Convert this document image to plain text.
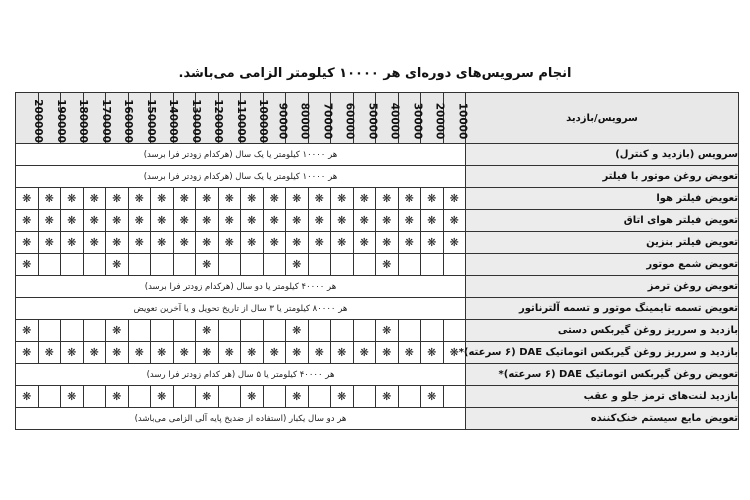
انجام سرویس‌های دوره‌ای هر ۱۰۰۰۰ کیلومتر الزامی می‌باشد.
200000	190000	180000	170000	160000	150000	140000	130000	120000	110000	100000	90000	80000	70000	60000	50000	40000	30000	20000	10000	سرویس/بازدید
هر ۱۰۰۰۰ کیلومتر یا یک سال (هرکدام زودتر فرا برسد)																				سرویس (بازدید و کنترل)
هر ۱۰۰۰۰ کیلومتر یا یک سال (هرکدام زودتر فرا برسد)																				تعویض روغن موتور با فیلتر
❋	❋	❋	❋	❋	❋	❋	❋	❋	❋	❋	❋	❋	❋	❋	❋	❋	❋	❋	❋	تعویض فیلتر هوا
❋	❋	❋	❋	❋	❋	❋	❋	❋	❋	❋	❋	❋	❋	❋	❋	❋	❋	❋	❋	تعویض فیلتر هوای اتاق
❋	❋	❋	❋	❋	❋	❋	❋	❋	❋	❋	❋	❋	❋	❋	❋	❋	❋	❋	❋	تعویض فیلتر بنزین
❋				❋				❋				❋				❋				تعویض شمع موتور
هر ۴۰۰۰۰ کیلومتر یا دو سال (هرکدام زودتر فرا برسد)																				تعویض روغن ترمز
هر ۸۰۰۰۰ کیلومتر یا ۳ سال از تاریخ تحویل و یا آخرین تعویض																				تعویض تسمه تایمینگ موتور و تسمه آلترناتور
❋				❋				❋				❋				❋				بازدید و سرریز روغن گیربکس دستی
❋	❋	❋	❋	❋	❋	❋	❋	❋	❋	❋	❋	❋	❋	❋	❋	❋	❋	❋	❋	بازدید و سرریز روغن گیربکس اتوماتیک DAE (۶ سرعته)*
هر ۴۰۰۰۰ کیلومتر یا ۵ سال (هر کدام زودتر فرا رسد)																				تعویض روغن گیربکس اتوماتیک DAE (۶ سرعته)*
❋		❋		❋		❋		❋		❋		❋		❋		❋		❋		بازدید لنت‌های ترمز جلو و عقب
هر دو سال یکبار (استفاده از ضدیخ پایه آلی الزامی می‌باشد)																				تعویض مایع سیستم خنک‌کننده
